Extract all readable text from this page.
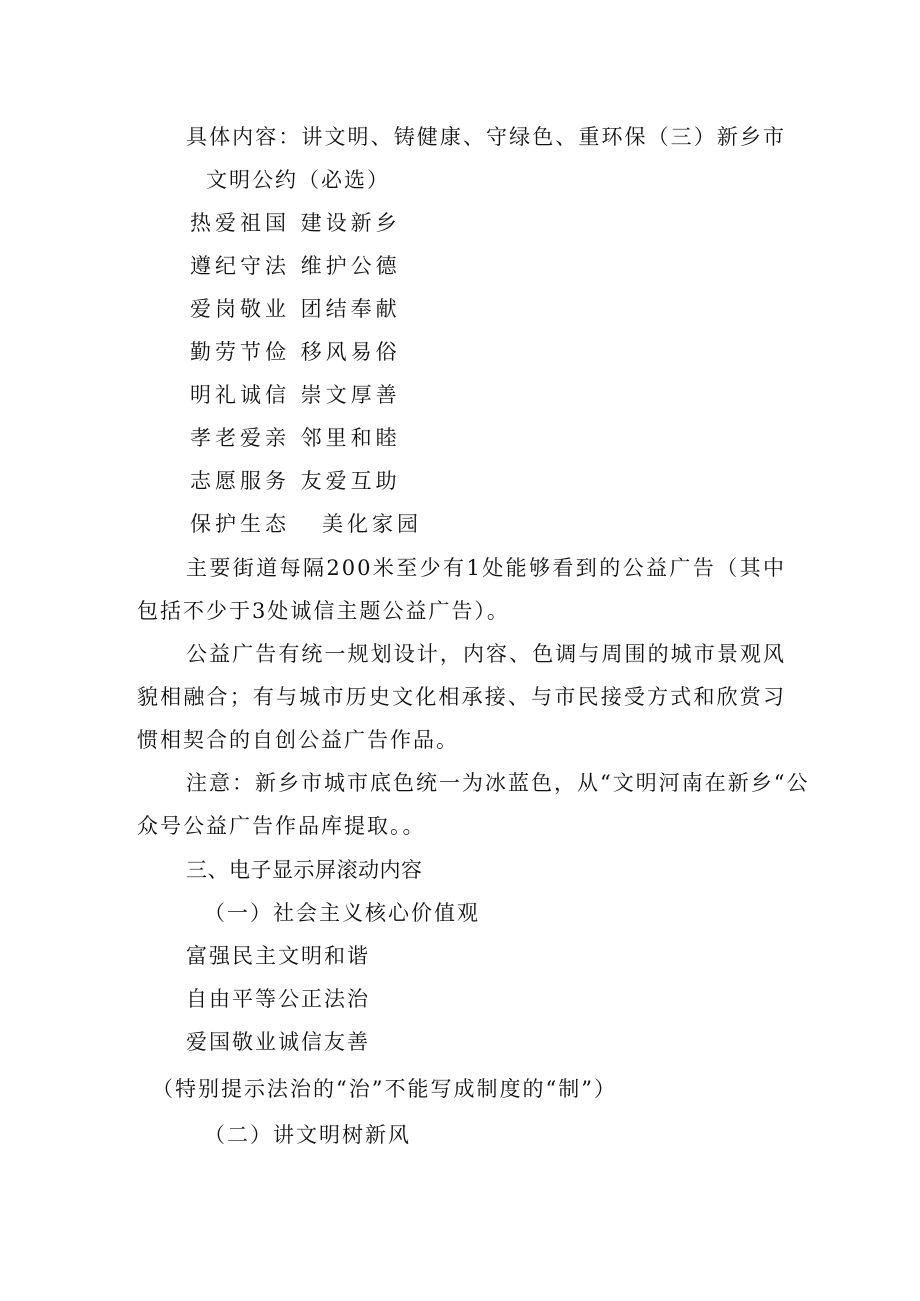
具体内容：讲文明、铸健康、守绿色、重环保（三）新乡市
文明公约（必选）
热爱祖国 建设新乡
遵纪守法 维护公德
爱岗敬业 团结奉献
勤劳节俭 移风易俗
明礼诚信 崇文厚善
孝老爱亲 邻里和睦
志愿服务 友爱互助
保护生态   美化家园
主要街道每隔200米至少有1处能够看到的公益广告（其中
包括不少于3处诚信主题公益广告）。
公益广告有统一规划设计，内容、色调与周围的城市景观风
貌相融合；有与城市历史文化相承接、与市民接受方式和欣赏习
惯相契合的自创公益广告作品。
注意：新乡市城市底色统一为冰蓝色，从“文明河南在新乡“公
众号公益广告作品库提取。。
三、电子显示屏滚动内容
（一）社会主义核心价值观
富强民主文明和谐
自由平等公正法治
爱国敬业诚信友善
（特别提示法治的“治”不能写成制度的“制”）
（二）讲文明树新风
